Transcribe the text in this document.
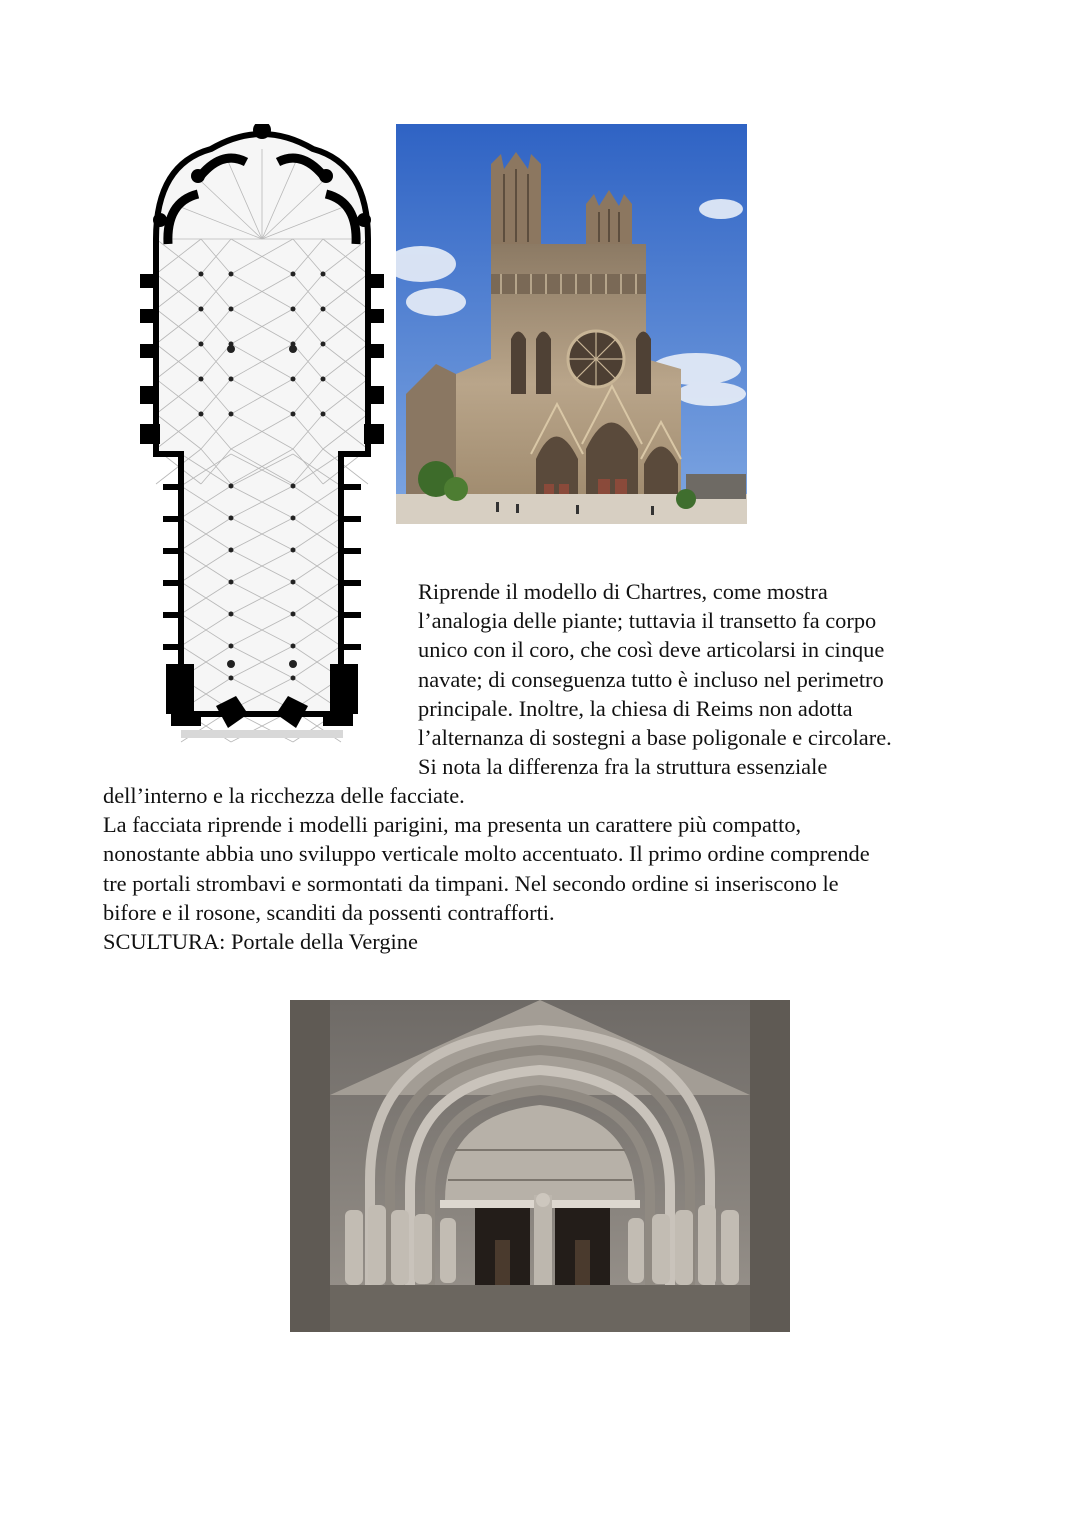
Riprende il modello di Chartres, come mostra

l’analogia delle piante; tuttavia il transetto fa corpo

unico con il coro, che così deve articolarsi in cinque

navate; di conseguenza tutto è incluso nel perimetro

principale. Inoltre, la chiesa di Reims non adotta

l’alternanza di sostegni a base poligonale e circolare.

Si nota la differenza fra la struttura essenziale

dell’interno e la ricchezza delle facciate.

La facciata riprende i modelli parigini, ma presenta un carattere più compatto,

nonostante abbia uno sviluppo verticale molto accentuato. Il primo ordine comprende

tre portali strombavi e sormontati da timpani. Nel secondo ordine si inseriscono le

bifore e il rosone, scanditi da possenti contrafforti.

SCULTURA: Portale della Vergine
